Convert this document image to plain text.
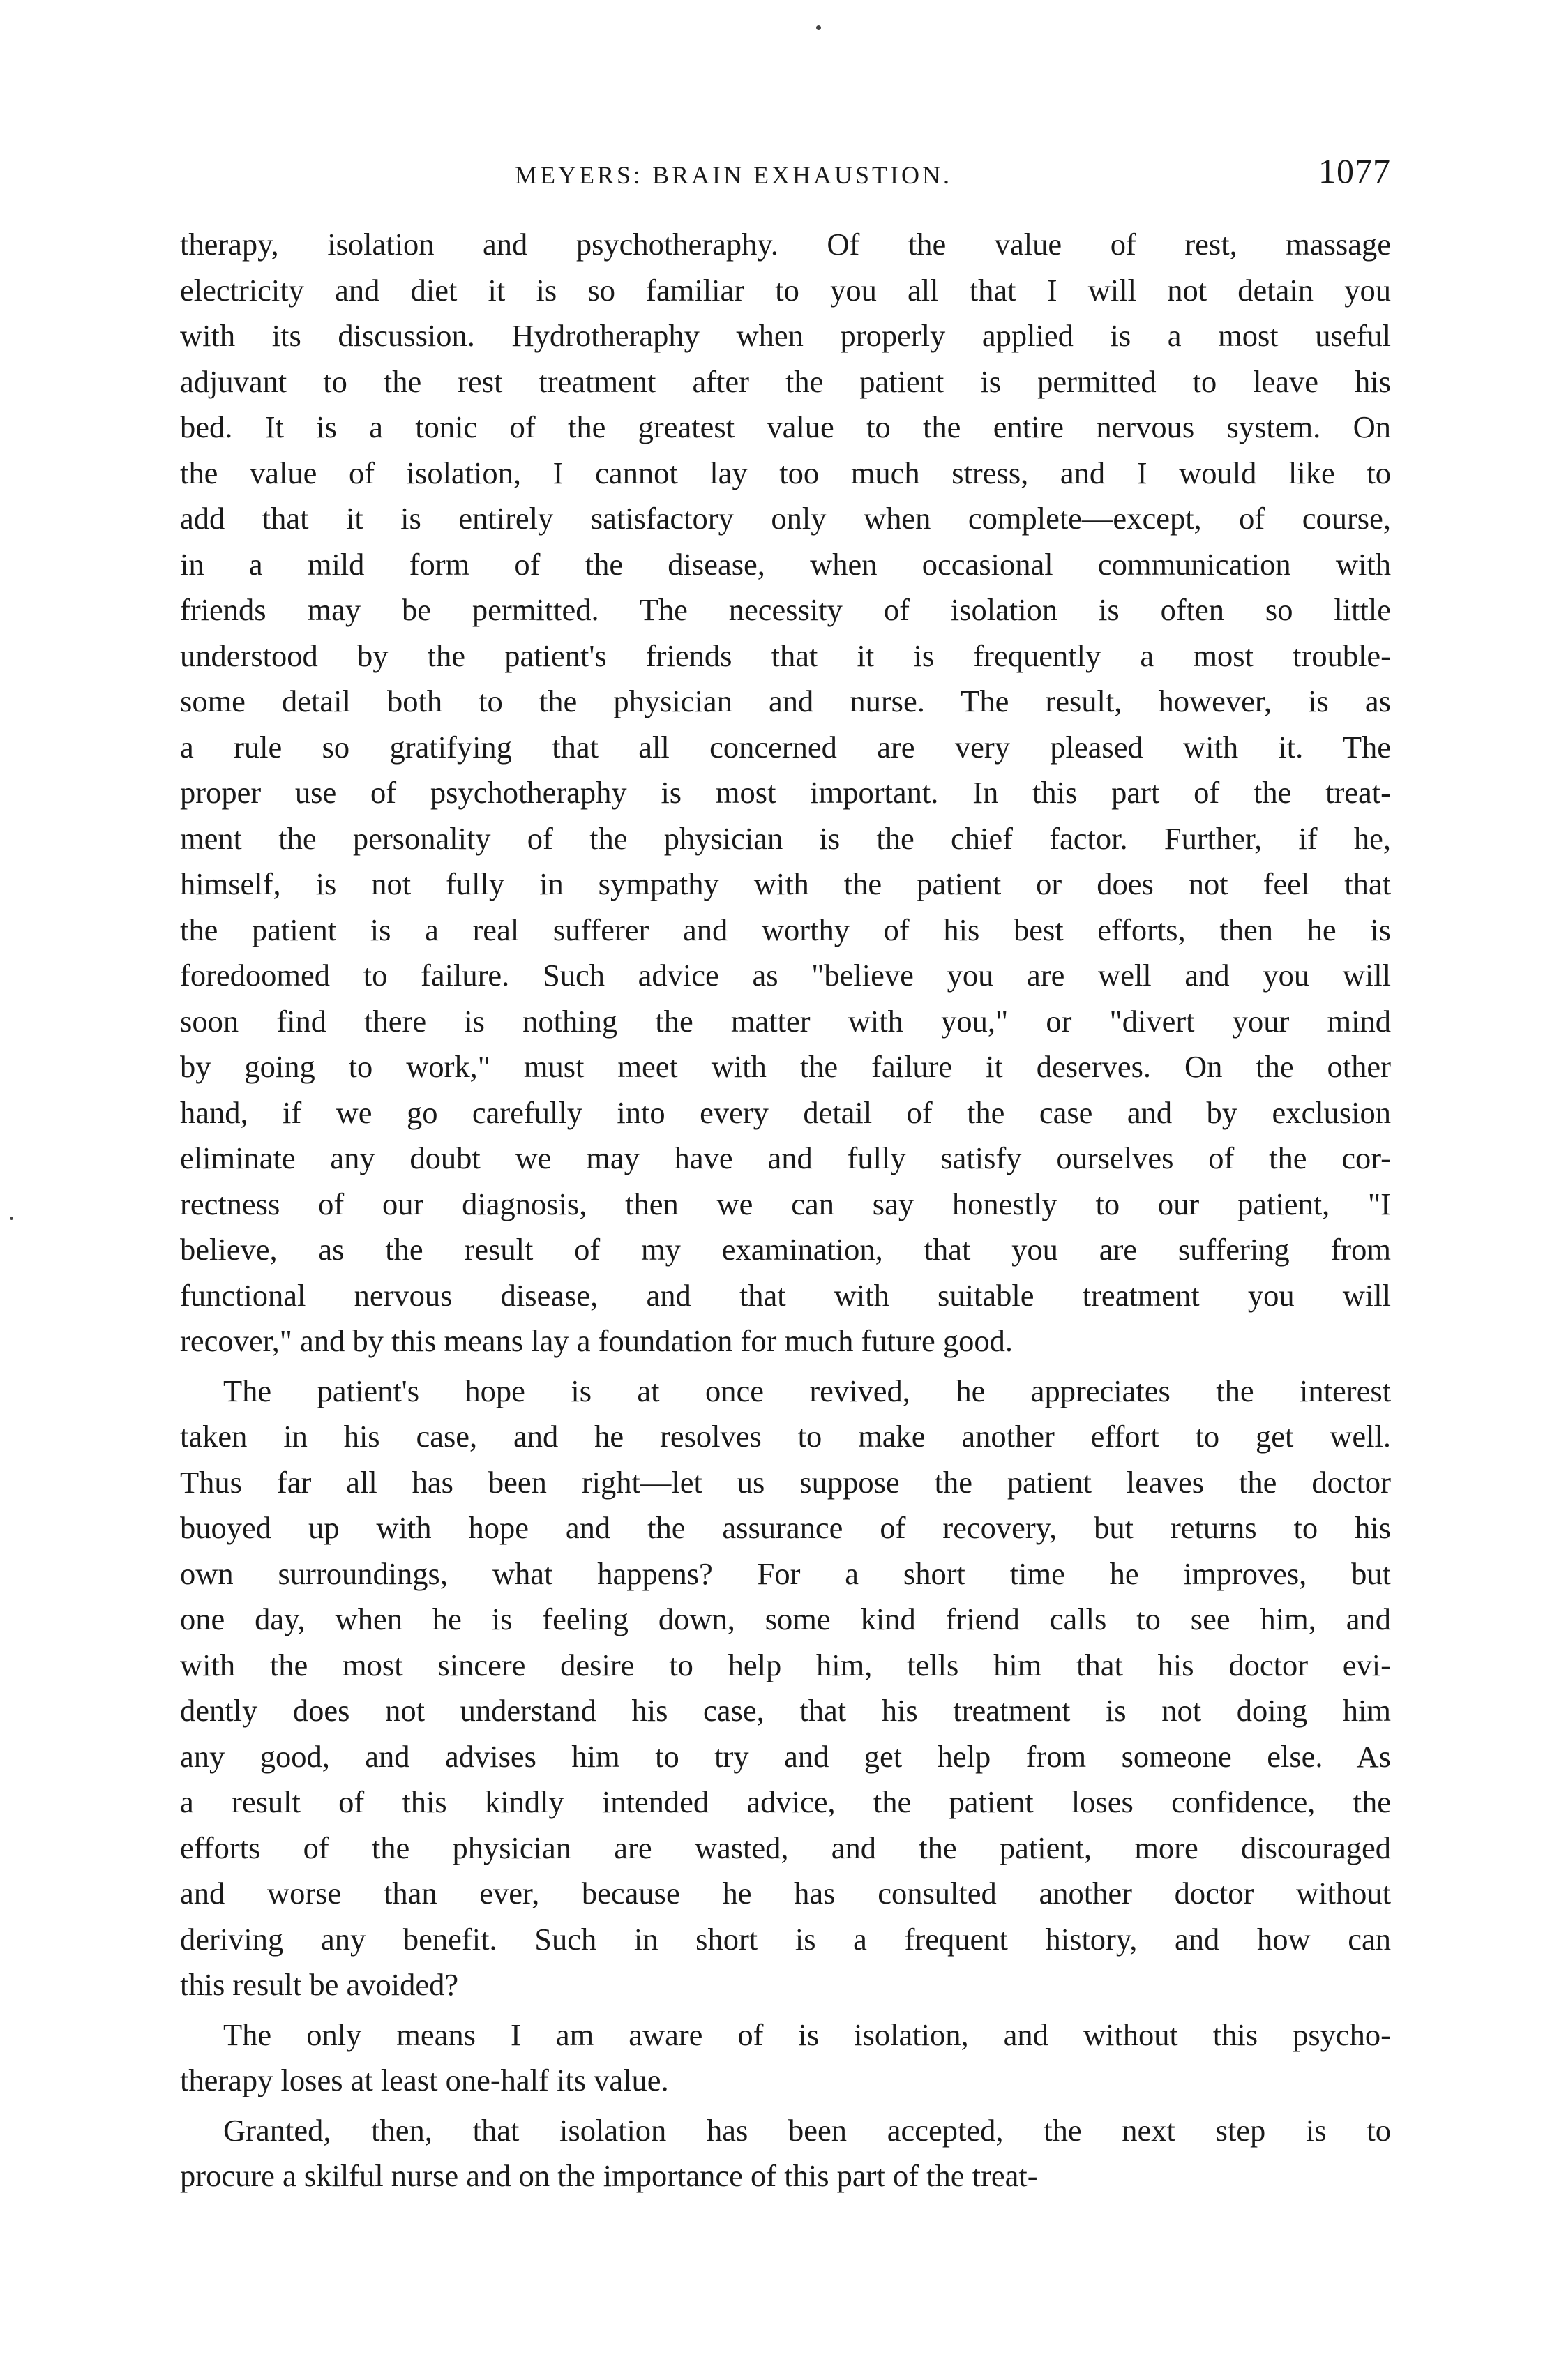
MEYERS: BRAIN EXHAUSTION.	1077
therapy, isolation and psychotheraphy. Of the value of rest, massage
electricity and diet it is so familiar to you all that I will not detain you
with its discussion. Hydrotheraphy when properly applied is a most useful
adjuvant to the rest treatment after the patient is permitted to leave his
bed. It is a tonic of the greatest value to the entire nervous system. On
the value of isolation, I cannot lay too much stress, and I would like to
add that it is entirely satisfactory only when complete—except, of course,
in a mild form of the disease, when occasional communication with
friends may be permitted. The necessity of isolation is often so little
understood by the patient's friends that it is frequently a most trouble-
some detail both to the physician and nurse. The result, however, is as
a rule so gratifying that all concerned are very pleased with it. The
proper use of psychotheraphy is most important. In this part of the treat-
ment the personality of the physician is the chief factor. Further, if he,
himself, is not fully in sympathy with the patient or does not feel that
the patient is a real sufferer and worthy of his best efforts, then he is
foredoomed to failure. Such advice as "believe you are well and you will
soon find there is nothing the matter with you," or "divert your mind
by going to work," must meet with the failure it deserves. On the other
hand, if we go carefully into every detail of the case and by exclusion
eliminate any doubt we may have and fully satisfy ourselves of the cor-
rectness of our diagnosis, then we can say honestly to our patient, "I
believe, as the result of my examination, that you are suffering from
functional nervous disease, and that with suitable treatment you will
recover," and by this means lay a foundation for much future good.
The patient's hope is at once revived, he appreciates the interest
taken in his case, and he resolves to make another effort to get well.
Thus far all has been right—let us suppose the patient leaves the doctor
buoyed up with hope and the assurance of recovery, but returns to his
own surroundings, what happens? For a short time he improves, but
one day, when he is feeling down, some kind friend calls to see him, and
with the most sincere desire to help him, tells him that his doctor evi-
dently does not understand his case, that his treatment is not doing him
any good, and advises him to try and get help from someone else. As
a result of this kindly intended advice, the patient loses confidence, the
efforts of the physician are wasted, and the patient, more discouraged
and worse than ever, because he has consulted another doctor without
deriving any benefit. Such in short is a frequent history, and how can
this result be avoided?
The only means I am aware of is isolation, and without this psycho-
therapy loses at least one-half its value.
Granted, then, that isolation has been accepted, the next step is to
procure a skilful nurse and on the importance of this part of the treat-
